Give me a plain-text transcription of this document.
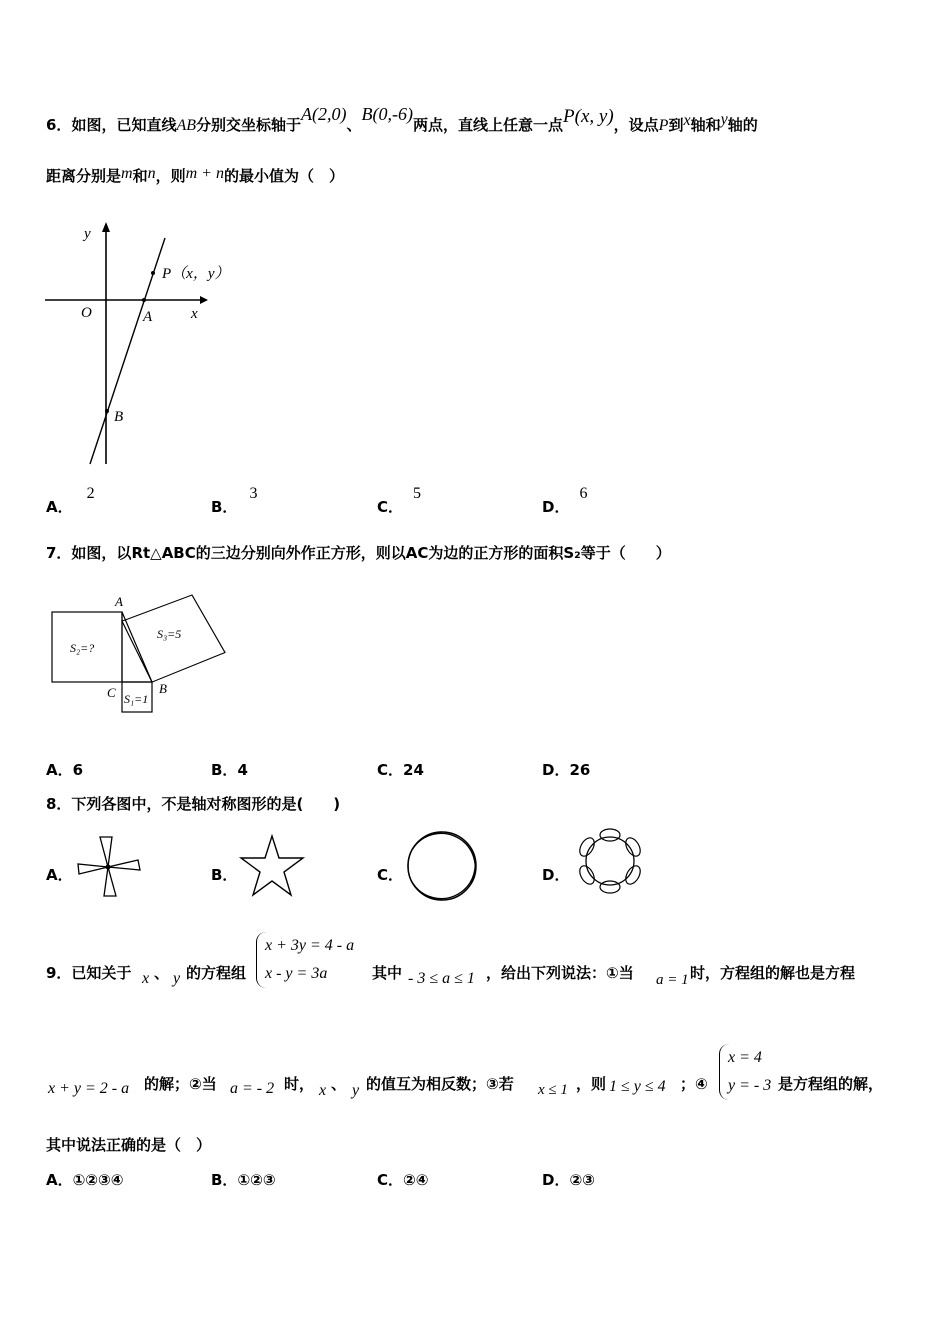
6．如图，已知直线AB分别交坐标轴于A(2,0)、B(0,-6)两点，直线上任意一点P(x, y)，设点P到x轴和y轴的
距离分别是m和n，则m + n的最小值为（　）
y
x
O	A
B
P（x，y）
A．2
B．3
C．5
D．6
7．如图，以Rt△ABC的三边分别向外作正方形，则以AC为边的正方形的面积S₂等于（　　）
A
B
C
S₂=?
S₃=5
S₁=1
A．6	B．4	C．24	D．26
8．下列各图中，不是轴对称图形的是(　　)
A．	B．	C．	D．
9．已知关于 x 、 y 的方程组
x + 3y = 4 - a
x - y = 3a	其中 - 3 ≤ a ≤ 1 ，给出下列说法：①当 a = 1 时，方程组的解也是方程
x + y = 2 - a 的解；②当 a = - 2 时， x 、 y 的值互为相反数；③若 x ≤ 1 ，则 1 ≤ y ≤ 4 ；④
x = 4
y = - 3 是方程组的解，
其中说法正确的是（　）
A．①②③④	B．①②③	C．②④	D．②③
